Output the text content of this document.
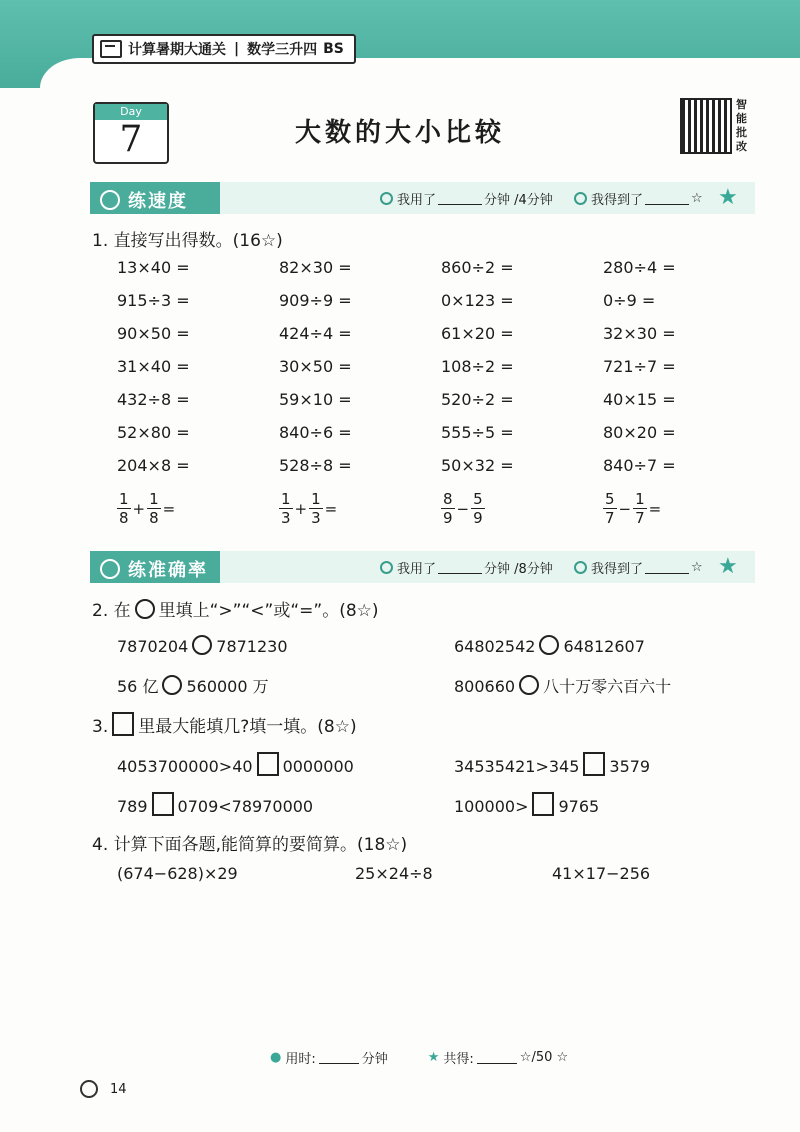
计算暑期大通关 | 数学三升四 BS
Day
7	大数的大小比较
智能批改
练速度	我用了	分钟 /4分钟	我得到了	☆ ★
1. 直接写出得数。(16☆)
13×40 =	82×30 =	860÷2 =	280÷4 =
915÷3 =	909÷9 =	0×123 =	0÷9 =
90×50 =	424÷4 =	61×20 =	32×30 =
31×40 =	30×50 =	108÷2 =	721÷7 =
432÷8 =	59×10 =	520÷2 =	40×15 =
52×80 =	840÷6 =	555÷5 =	80×20 =
204×8 =	528÷8 =	50×32 =	840÷7 =
$\frac{1}{8} + \frac{1}{8}$ =	$\frac{1}{3} + \frac{1}{3}$ =	$\frac{8}{9} - \frac{5}{9}$	$\frac{5}{7} - \frac{1}{7}$ =
练准确率	我用了	分钟 /8分钟	我得到了	☆ ★
2. 在 里填上“>”“<”或“=”。(8☆)
7870204 7871230	64802542 64812607
56 亿 560000 万	800660 八十万零六百六十
3. 里最大能填几?填一填。(8☆)
4053700000>40 0000000	34535421>345 3579
789 0709<78970000	100000> 9765
4. 计算下面各题,能简算的要简算。(18☆)
(674−628)×29	25×24÷8	41×17−256
● 用时:	分钟	★ 共得:	☆/50 ☆
14
